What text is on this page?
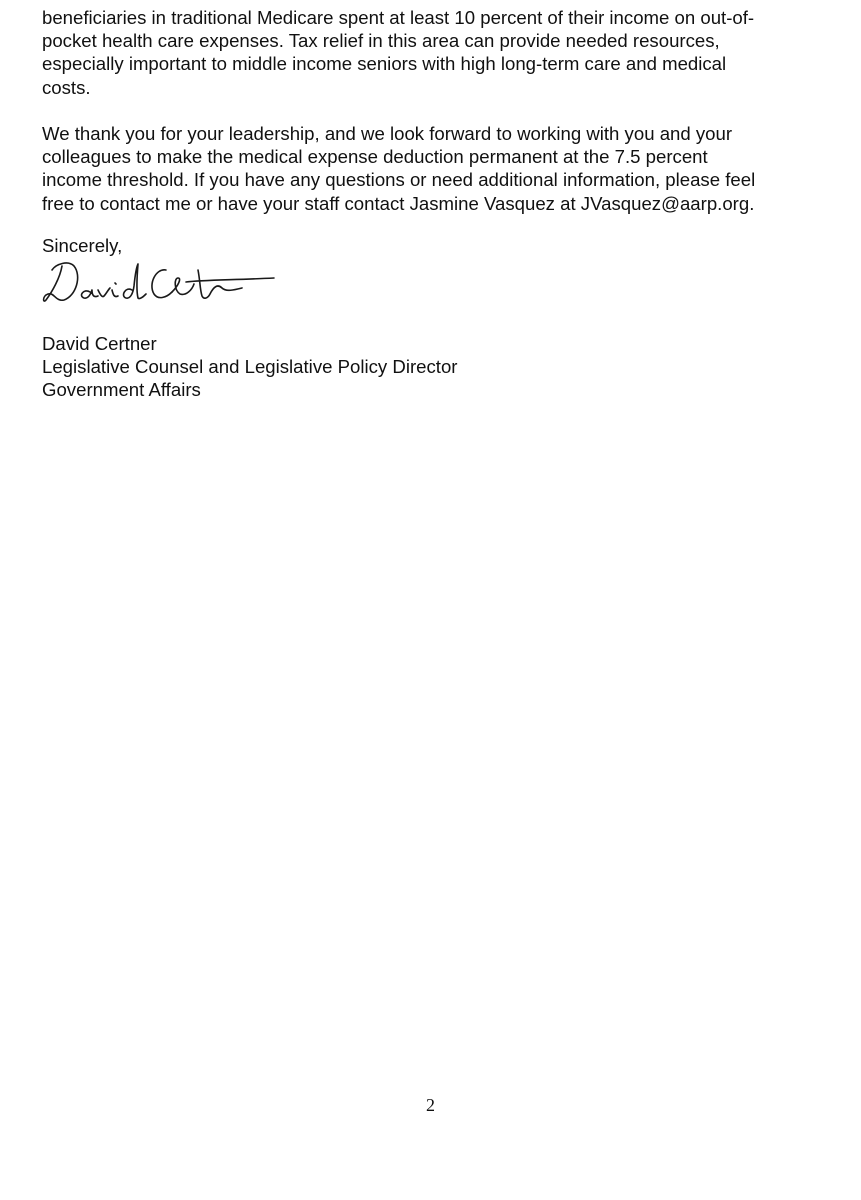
beneficiaries in traditional Medicare spent at least 10 percent of their income on out-of-
pocket health care expenses. Tax relief in this area can provide needed resources,
especially important to middle income seniors with high long-term care and medical
costs.

We thank you for your leadership, and we look forward to working with you and your
colleagues to make the medical expense deduction permanent at the 7.5 percent
income threshold. If you have any questions or need additional information, please feel
free to contact me or have your staff contact Jasmine Vasquez at JVasquez@aarp.org.

Sincerely,

David Certner
Legislative Counsel and Legislative Policy Director
Government Affairs

2
